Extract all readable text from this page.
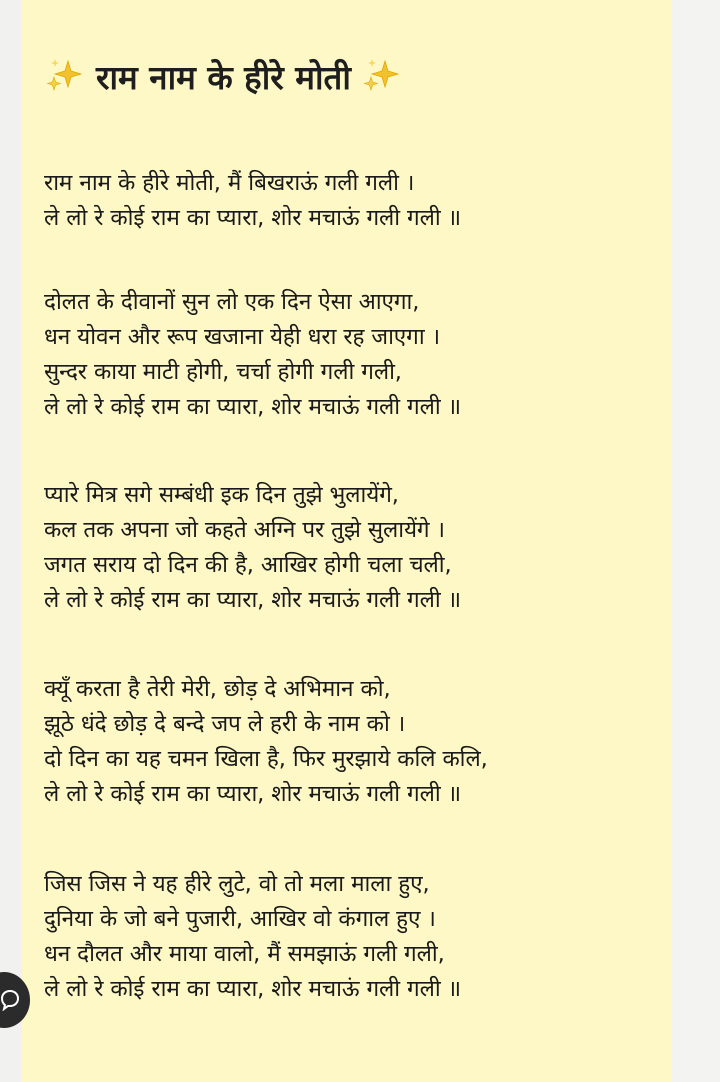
राम नाम के हीरे मोती
राम नाम के हीरे मोती, मैं बिखराऊं गली गली ।
ले लो रे कोई राम का प्यारा, शोर मचाऊं गली गली ॥
दोलत के दीवानों सुन लो एक दिन ऐसा आएगा,
धन योवन और रूप खजाना येही धरा रह जाएगा ।
सुन्दर काया माटी होगी, चर्चा होगी गली गली,
ले लो रे कोई राम का प्यारा, शोर मचाऊं गली गली ॥
प्यारे मित्र सगे सम्बंधी इक दिन तुझे भुलायेंगे,
कल तक अपना जो कहते अग्नि पर तुझे सुलायेंगे ।
जगत सराय दो दिन की है, आखिर होगी चला चली,
ले लो रे कोई राम का प्यारा, शोर मचाऊं गली गली ॥
क्यूँ करता है तेरी मेरी, छोड़ दे अभिमान को,
झूठे धंदे छोड़ दे बन्दे जप ले हरी के नाम को ।
दो दिन का यह चमन खिला है, फिर मुरझाये कलि कलि,
ले लो रे कोई राम का प्यारा, शोर मचाऊं गली गली ॥
जिस जिस ने यह हीरे लुटे, वो तो मला माला हुए,
दुनिया के जो बने पुजारी, आखिर वो कंगाल हुए ।
धन दौलत और माया वालो, मैं समझाऊं गली गली,
ले लो रे कोई राम का प्यारा, शोर मचाऊं गली गली ॥
